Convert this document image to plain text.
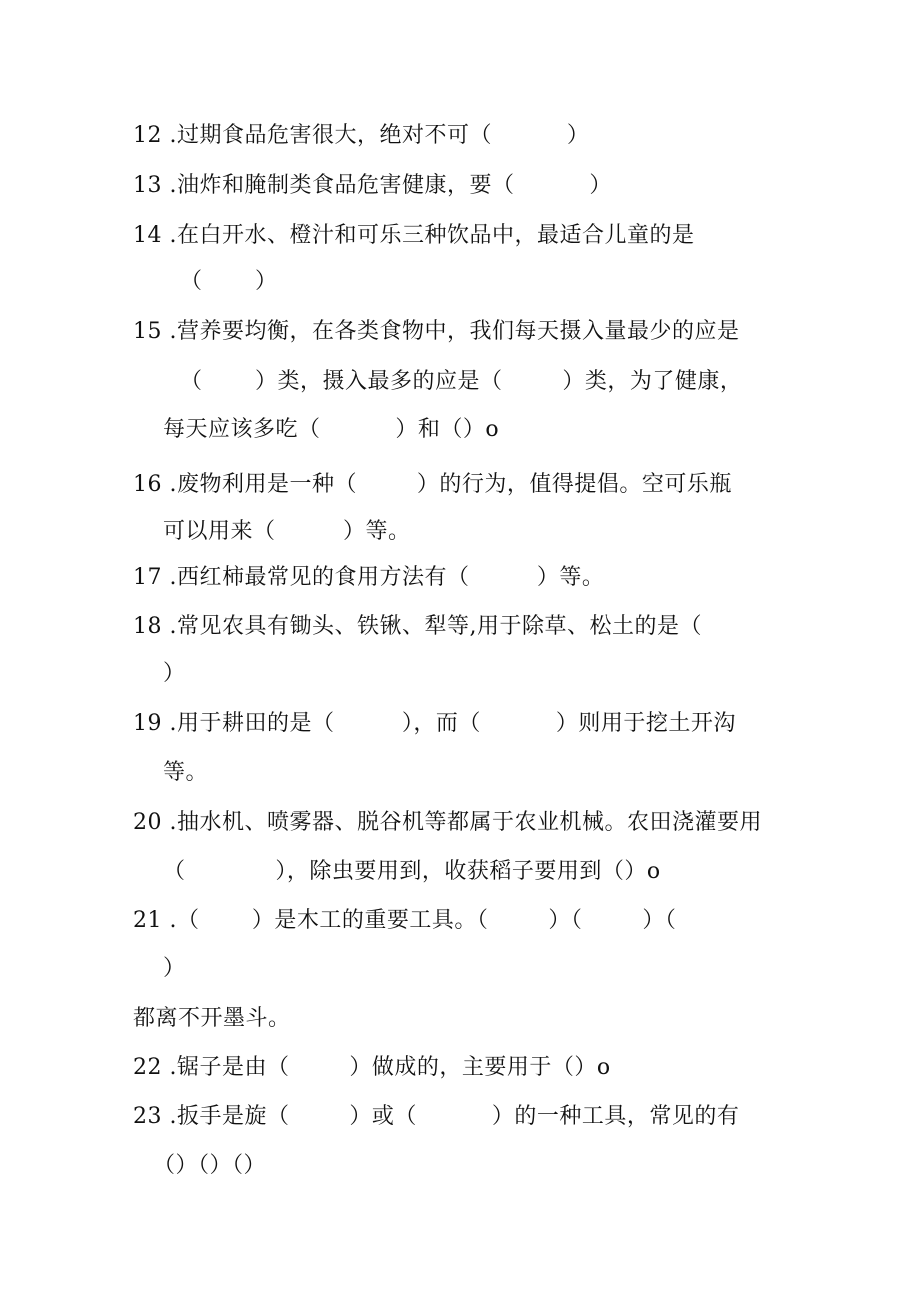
12 .过期食品危害很大，绝对不可（          ）
13 .油炸和腌制类食品危害健康，要（          ）
14 .在白开水、橙汁和可乐三种饮品中，最适合儿童的是
（       ）
15 .营养要均衡，在各类食物中，我们每天摄入量最少的应是
（       ）类，摄入最多的应是（        ）类，为了健康，
每天应该多吃（          ）和（）o
16 .废物利用是一种（        ）的行为，值得提倡。空可乐瓶
可以用来（         ）等。
17 .西红柿最常见的食用方法有（         ）等。
18 .常见农具有锄头、铁锹、犁等,用于除草、松土的是（
）
19 .用于耕田的是（         ），而（          ）则用于挖土开沟
等。
20 .抽水机、喷雾器、脱谷机等都属于农业机械。农田浇灌要用
（            ），除虫要用到，收获稻子要用到（）o
21 .（       ）是木工的重要工具。（        ）（        ）（
）
都离不开墨斗。
22 .锯子是由（        ）做成的，主要用于（）o
23 .扳手是旋（        ）或（          ）的一种工具，常见的有
（）（）（）
